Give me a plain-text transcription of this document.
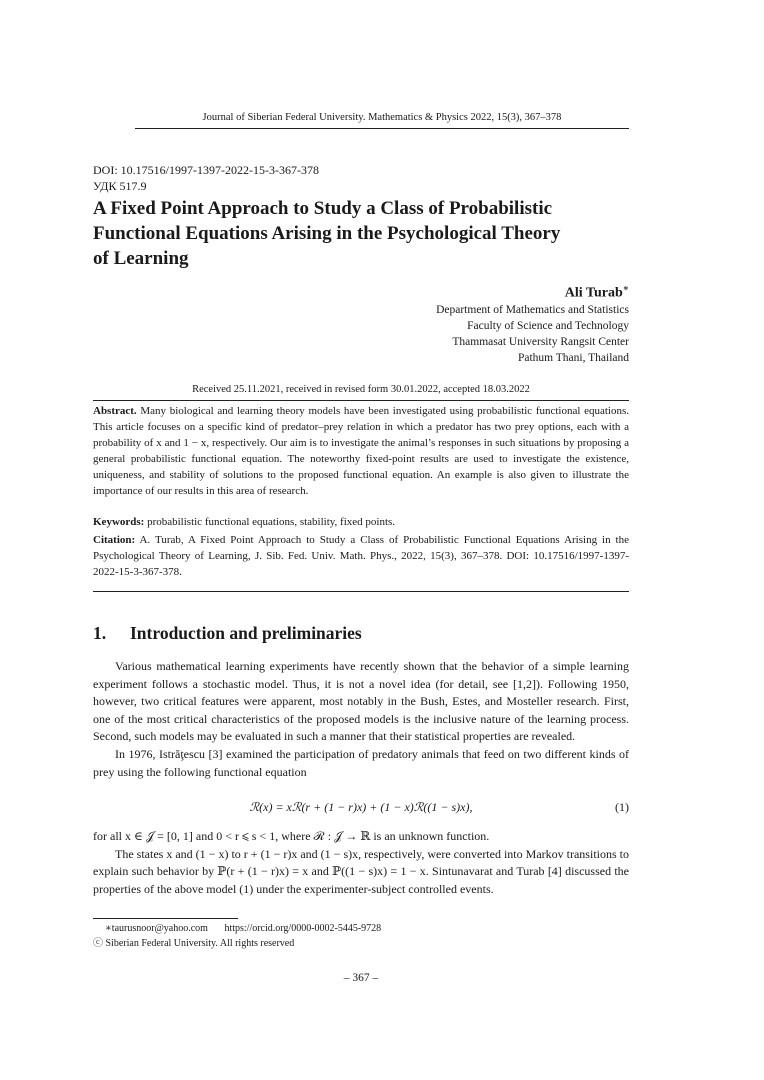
Journal of Siberian Federal University. Mathematics & Physics 2022, 15(3), 367–378
DOI: 10.17516/1997-1397-2022-15-3-367-378
УДК 517.9
A Fixed Point Approach to Study a Class of Probabilistic
Functional Equations Arising in the Psychological Theory
of Learning
Ali Turab∗
Department of Mathematics and Statistics
Faculty of Science and Technology
Thammasat University Rangsit Center
Pathum Thani, Thailand
Received 25.11.2021, received in revised form 30.01.2022, accepted 18.03.2022
Abstract. Many biological and learning theory models have been investigated using probabilistic functional equations. This article focuses on a specific kind of predator–prey relation in which a predator has two prey options, each with a probability of x and 1 − x, respectively. Our aim is to investigate the animal’s responses in such situations by proposing a general probabilistic functional equation. The noteworthy fixed-point results are used to investigate the existence, uniqueness, and stability of solutions to the proposed functional equation. An example is also given to illustrate the importance of our results in this area of research.
Keywords: probabilistic functional equations, stability, fixed points.
Citation: A. Turab, A Fixed Point Approach to Study a Class of Probabilistic Functional Equations Arising in the Psychological Theory of Learning, J. Sib. Fed. Univ. Math. Phys., 2022, 15(3), 367–378. DOI: 10.17516/1997-1397-2022-15-3-367-378.
1. Introduction and preliminaries

Various mathematical learning experiments have recently shown that the behavior of a simple learning experiment follows a stochastic model. Thus, it is not a novel idea (for detail, see [1,2]). Following 1950, however, two critical features were apparent, most notably in the Bush, Estes, and Mosteller research. First, one of the most critical characteristics of the proposed models is the inclusive nature of the learning process. Second, such models may be evaluated in such a manner that their statistical properties are revealed.

In 1976, Istrăţescu [3] examined the participation of predatory animals that feed on two different kinds of prey using the following functional equation

ℛ(x) = xℛ(r + (1 − r)x) + (1 − x)ℛ((1 − s)x),	(1)

for all x ∈ 𝒥 = [0, 1] and 0 < r ⩽ s < 1, where ℛ : 𝒥 → ℝ is an unknown function.

The states x and (1 − x) to r + (1 − r)x and (1 − s)x, respectively, were converted into Markov transitions to explain such behavior by ℙ(r + (1 − r)x) = x and ℙ((1 − s)x) = 1 − x. Sintunavarat and Turab [4] discussed the properties of the above model (1) under the experimenter-subject controlled events.

∗taurusnoor@yahoo.com https://orcid.org/0000-0002-5445-9728
ⓒ Siberian Federal University. All rights reserved
– 367 –
